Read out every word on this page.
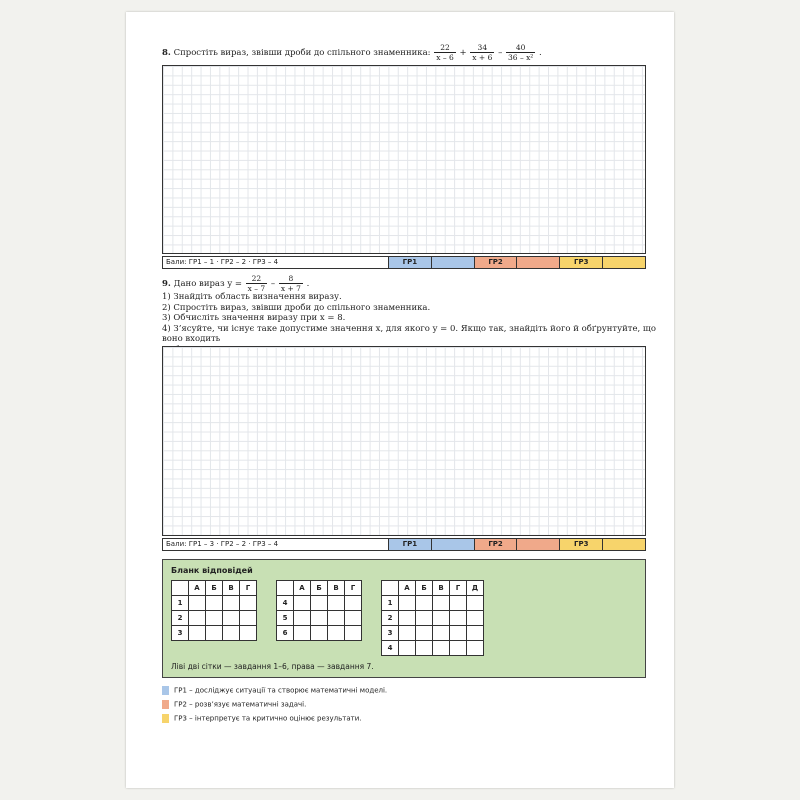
8. Спростіть вираз, звівши дроби до спільного знаменника: $\frac{22}{x - 6} + \frac{34}{x + 6} - \frac{40}{\text{36 – x²}}$ .
Бали: ГР1 – 1 · ГР2 – 2 · ГР3 – 4	ГР1	ГР2	ГР3
9. Дано вираз $y = \frac{22}{x - 7} - \frac{8}{x + 7}$ .
1) Знайдіть область визначення виразу.
2) Спростіть вираз, звівши дроби до спільного знаменника.
3) Обчисліть значення виразу при x = 8.
4) З’ясуйте, чи існує таке допустиме значення x, для якого y = 0. Якщо так, знайдіть його й обґрунтуйте, що воно входить
Бали: ГР1 – 3 · ГР2 – 2 · ГР3 – 4	ГР1	ГР2	ГР3
Бланк відповідей
	А	Б	В	Г
1				
2				
3				
	А	Б	В	Г
4				
5				
6				
	А	Б	В	Г	Д
1					
2					
3					
4					
Ліві дві сітки — завдання 1–6, права — завдання 7.
ГР1 – досліджує ситуації та створює математичні моделі.
ГР2 – розв’язує математичні задачі.
ГР3 – інтерпретує та критично оцінює результати.
